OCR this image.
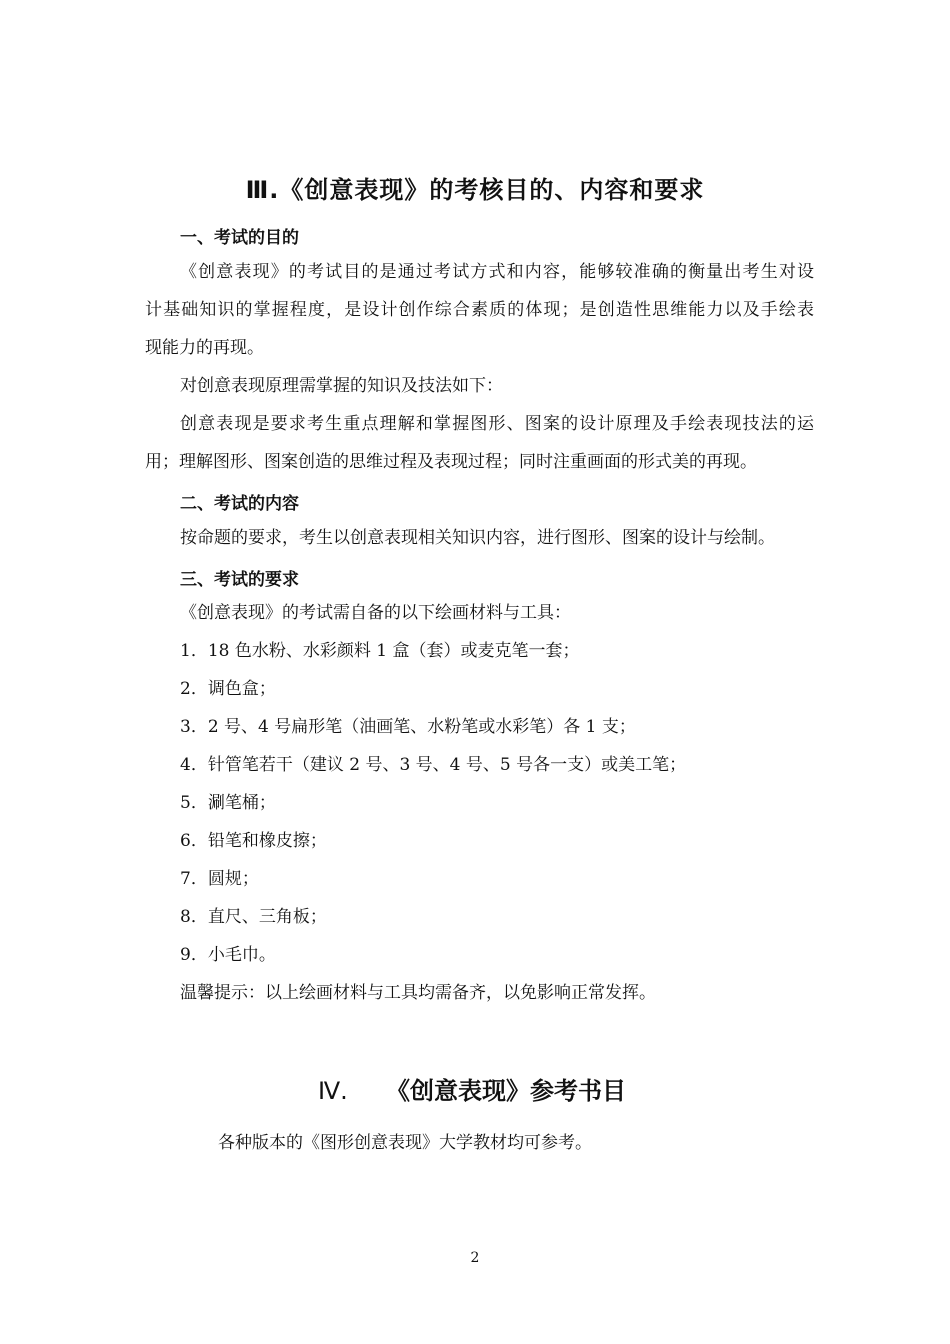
Ⅲ.《创意表现》的考核目的、内容和要求
一、考试的目的
《创意表现》的考试目的是通过考试方式和内容，能够较准确的衡量出考生对设
计基础知识的掌握程度，是设计创作综合素质的体现；是创造性思维能力以及手绘表
现能力的再现。
对创意表现原理需掌握的知识及技法如下：
创意表现是要求考生重点理解和掌握图形、图案的设计原理及手绘表现技法的运
用；理解图形、图案创造的思维过程及表现过程；同时注重画面的形式美的再现。
二、考试的内容
按命题的要求，考生以创意表现相关知识内容，进行图形、图案的设计与绘制。
三、考试的要求
《创意表现》的考试需自备的以下绘画材料与工具：
1．18 色水粉、水彩颜料 1 盒（套）或麦克笔一套；
2．调色盒；
3．2 号、4 号扁形笔（油画笔、水粉笔或水彩笔）各 1 支；
4．针管笔若干（建议 2 号、3 号、4 号、5 号各一支）或美工笔；
5．涮笔桶；
6．铅笔和橡皮擦；
7．圆规；
8．直尺、三角板；
9．小毛巾。
温馨提示：以上绘画材料与工具均需备齐，以免影响正常发挥。
Ⅳ. 《创意表现》参考书目
各种版本的《图形创意表现》大学教材均可参考。
2
